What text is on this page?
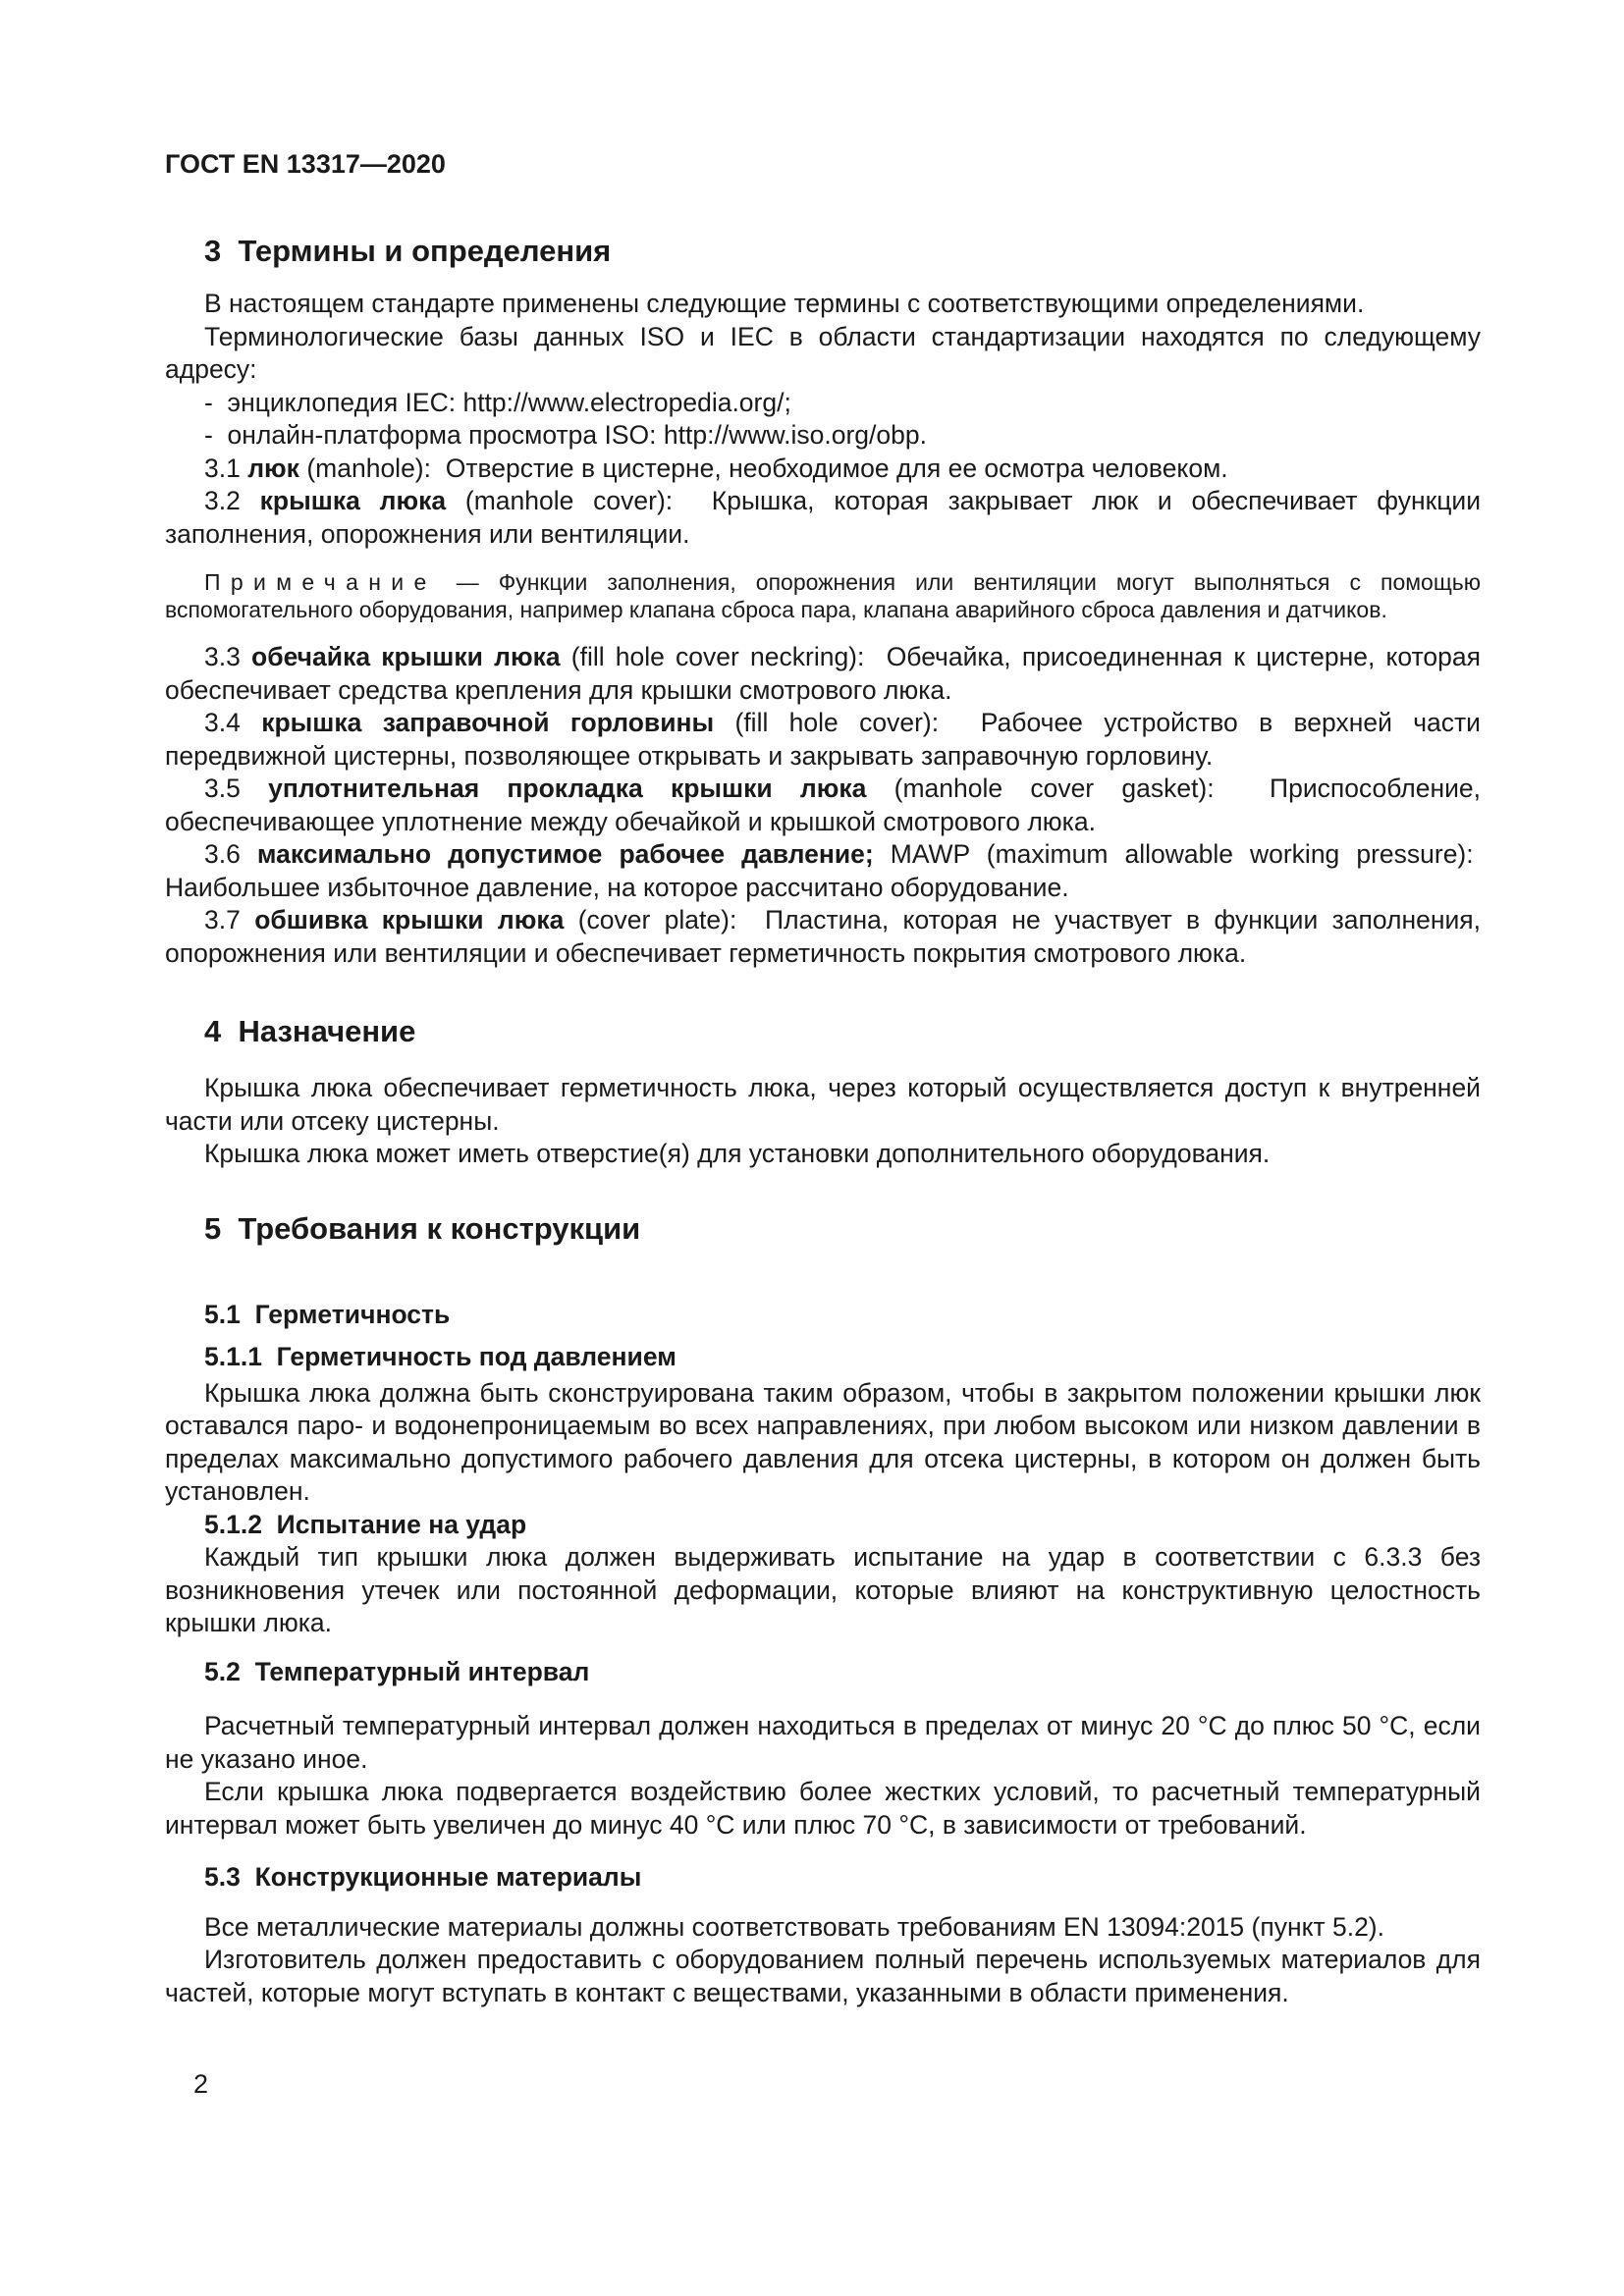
ГОСТ EN 13317—2020

3  Термины и определения

В настоящем стандарте применены следующие термины с соответствующими определениями.

Терминологические базы данных ISO и IEC в области стандартизации находятся по следующему адресу:

-  энциклопедия IEC: http://www.electropedia.org/;

-  онлайн-платформа просмотра ISO: http://www.iso.org/obp.

3.1 люк (manhole):  Отверстие в цистерне, необходимое для ее осмотра человеком.

3.2 крышка люка (manhole cover):  Крышка, которая закрывает люк и обеспечивает функции заполнения, опорожнения или вентиляции.

Примечание — Функции заполнения, опорожнения или вентиляции могут выполняться с помощью вспомогательного оборудования, например клапана сброса пара, клапана аварийного сброса давления и датчиков.

3.3 обечайка крышки люка (fill hole cover neckring):  Обечайка, присоединенная к цистерне, которая обеспечивает средства крепления для крышки смотрового люка.

3.4 крышка заправочной горловины (fill hole cover):  Рабочее устройство в верхней части передвижной цистерны, позволяющее открывать и закрывать заправочную горловину.

3.5 уплотнительная прокладка крышки люка (manhole cover gasket):  Приспособление, обеспечивающее уплотнение между обечайкой и крышкой смотрового люка.

3.6 максимально допустимое рабочее давление; MAWP (maximum allowable working pressure):  Наибольшее избыточное давление, на которое рассчитано оборудование.

3.7 обшивка крышки люка (cover plate):  Пластина, которая не участвует в функции заполнения, опорожнения или вентиляции и обеспечивает герметичность покрытия смотрового люка.

4  Назначение

Крышка люка обеспечивает герметичность люка, через который осуществляется доступ к внутренней части или отсеку цистерны.

Крышка люка может иметь отверстие(я) для установки дополнительного оборудования.

5  Требования к конструкции
5.1  Герметичность
5.1.1  Герметичность под давлением

Крышка люка должна быть сконструирована таким образом, чтобы в закрытом положении крышки люк оставался паро- и водонепроницаемым во всех направлениях, при любом высоком или низком давлении в пределах максимально допустимого рабочего давления для отсека цистерны, в котором он должен быть установлен.

5.1.2  Испытание на удар

Каждый тип крышки люка должен выдерживать испытание на удар в соответствии с 6.3.3 без возникновения утечек или постоянной деформации, которые влияют на конструктивную целостность крышки люка.

5.2  Температурный интервал

Расчетный температурный интервал должен находиться в пределах от минус 20 °C до плюс 50 °C, если не указано иное.

Если крышка люка подвергается воздействию более жестких условий, то расчетный температурный интервал может быть увеличен до минус 40 °C или плюс 70 °C, в зависимости от требований.

5.3  Конструкционные материалы

Все металлические материалы должны соответствовать требованиям EN 13094:2015 (пункт 5.2).

Изготовитель должен предоставить с оборудованием полный перечень используемых материалов для частей, которые могут вступать в контакт с веществами, указанными в области применения.

2
